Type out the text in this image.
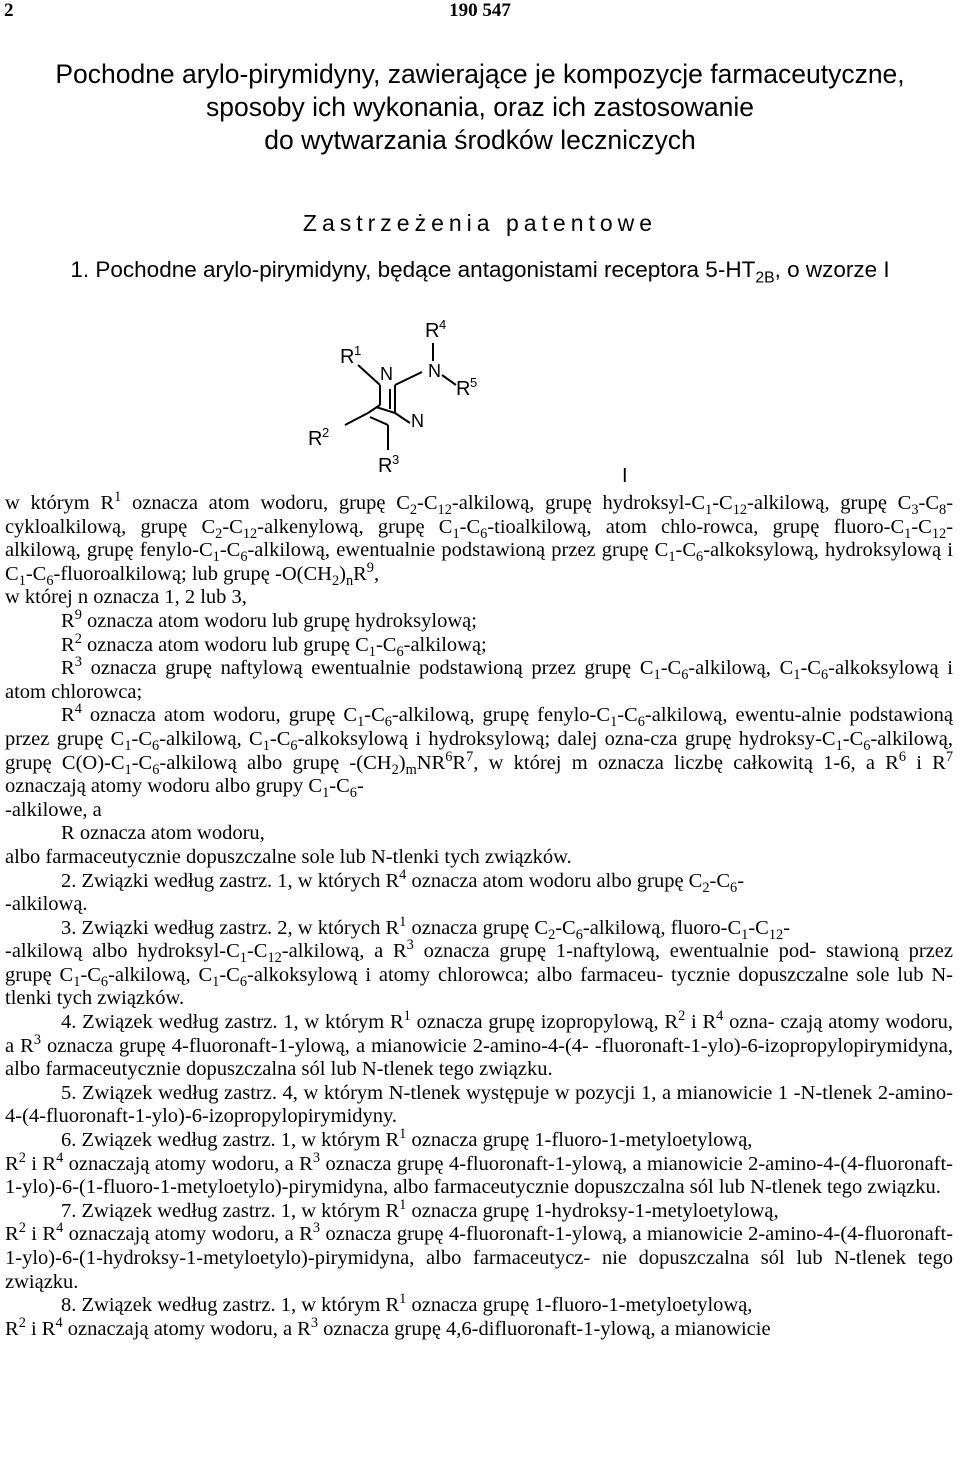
2	190 547
Pochodne arylo-pirymidyny, zawierające je kompozycje farmaceutyczne,
sposoby ich wykonania, oraz ich zastosowanie
do wytwarzania środków leczniczych
Zastrzeżenia patentowe
1. Pochodne arylo-pirymidyny, będące antagonistami receptora $5-HT_{2B}$, o wzorze I
R 4
R 1
N N
R 5
R 2
N
R 3
I

w którym $R^1$ oznacza atom wodoru, grupę $C_2-C_{12}$-alkilową, grupę hydroksyl-$C_1-C_{12}$-alkilową, grupę $C_3-C_8$-cykloalkilową, grupę $C_2-C_{12}$-alkenylową, grupę $C_1-C_6$-tioalkilową, atom chlo-rowca, grupę fluoro-$C_1-C_{12}$-alkilową, grupę fenylo-$C_1-C_6$-alkilową, ewentualnie podstawioną przez grupę $C_1-C_6$-alkoksylową, hydroksylową i $C_1-C_6$-fluoroalkilową; lub grupę $-O(CH_2)_nR^9$,
w której n oznacza 1, 2 lub 3,

$R^9$ oznacza atom wodoru lub grupę hydroksylową;

$R^2$ oznacza atom wodoru lub grupę $C_1-C_6$-alkilową;

$R^3$ oznacza grupę naftylową ewentualnie podstawioną przez grupę $C_1-C_6$-alkilową, $C_1-C_6$-alkoksylową i atom chlorowca;

$R^4$ oznacza atom wodoru, grupę $C_1-C_6$-alkilową, grupę fenylo-$C_1-C_6$-alkilową, ewentu-alnie podstawioną przez grupę $C_1-C_6$-alkilową, $C_1-C_6$-alkoksylową i hydroksylową; dalej ozna-cza grupę hydroksy-$C_1-C_6$-alkilową, grupę $C(O)-C_1-C_6$-alkilową albo grupę $-(CH_2)_mNR^6R^7$, w której m oznacza liczbę całkowitą 1-6, a $R^6$ i $R^7$ oznaczają atomy wodoru albo grupy $C_1-C_6-$
-alkilowe, a

R oznacza atom wodoru,

albo farmaceutycznie dopuszczalne sole lub N-tlenki tych związków.

2. Związki według zastrz. 1, w których $R^4$ oznacza atom wodoru albo grupę $C_2-C_6-$
-alkilową.

3. Związki według zastrz. 2, w których $R^1$ oznacza grupę $C_2-C_6$-alkilową, fluoro-$C_1-C_{12}-$
-alkilową albo hydroksyl-$C_1-C_{12}$-alkilową, a $R^3$ oznacza grupę 1-naftylową, ewentualnie pod- stawioną przez grupę $C_1-C_6$-alkilową, $C_1-C_6$-alkoksylową i atomy chlorowca; albo farmaceu- tycznie dopuszczalne sole lub N-tlenki tych związków.

4. Związek według zastrz. 1, w którym $R^1$ oznacza grupę izopropylową, $R^2$ i $R^4$ ozna- czają atomy wodoru, a $R^3$ oznacza grupę 4-fluoronaft-1-ylową, a mianowicie 2-amino-4-(4- -fluoronaft-1-ylo)-6-izopropylopirymidyna, albo farmaceutycznie dopuszczalna sól lub N-tlenek tego związku.

5. Związek według zastrz. 4, w którym N-tlenek występuje w pozycji 1, a mianowicie 1 -N-tlenek 2-amino-4-(4-fluoronaft-1-ylo)-6-izopropylopirymidyny.

6. Związek według zastrz. 1, w którym $R^1$ oznacza grupę 1-fluoro-1-metyloetylową,
$R^2$ i $R^4$ oznaczają atomy wodoru, a $R^3$ oznacza grupę 4-fluoronaft-1-ylową, a mianowicie 2-amino-4-(4-fluoronaft-1-ylo)-6-(1-fluoro-1-metyloetylo)-pirymidyna, albo farmaceutycznie dopuszczalna sól lub N-tlenek tego związku.

7. Związek według zastrz. 1, w którym $R^1$ oznacza grupę 1-hydroksy-1-metyloetylową,
$R^2$ i $R^4$ oznaczają atomy wodoru, a $R^3$ oznacza grupę 4-fluoronaft-1-ylową, a mianowicie 2-amino-4-(4-fluoronaft-1-ylo)-6-(1-hydroksy-1-metyloetylo)-pirymidyna, albo farmaceutycz- nie dopuszczalna sól lub N-tlenek tego związku.

8. Związek według zastrz. 1, w którym $R^1$ oznacza grupę 1-fluoro-1-metyloetylową,
$R^2$ i $R^4$ oznaczają atomy wodoru, a $R^3$ oznacza grupę 4,6-difluoronaft-1-ylową, a mianowicie
